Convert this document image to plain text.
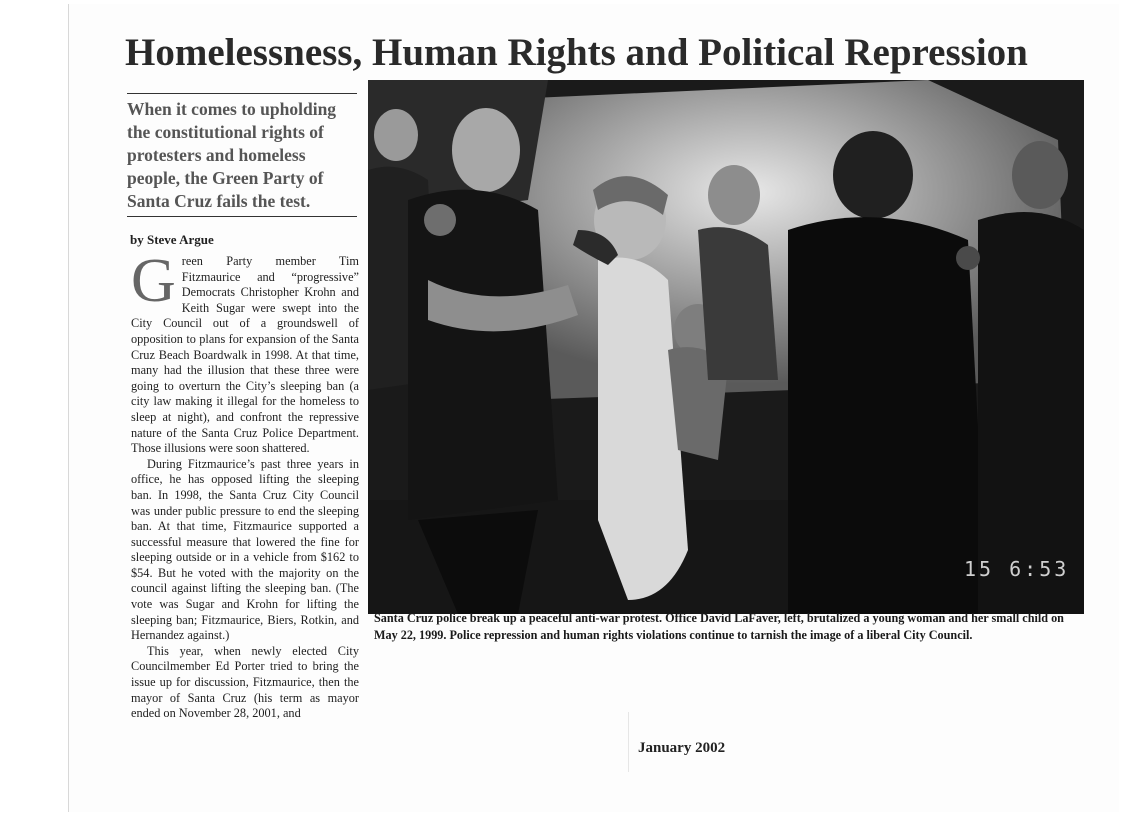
Homelessness, Human Rights and Political Repression
When it comes to upholding the constitutional rights of protesters and homeless people, the Green Party of Santa Cruz fails the test.
by Steve Argue

Green Party member Tim Fitzmaurice and “progressive” Democrats Christopher Krohn and Keith Sugar were swept into the City Council out of a groundswell of opposition to plans for expansion of the Santa Cruz Beach Boardwalk in 1998. At that time, many had the illusion that these three were going to overturn the City’s sleeping ban (a city law making it illegal for the homeless to sleep at night), and confront the repressive nature of the Santa Cruz Police Department. Those illusions were soon shattered.

During Fitzmaurice’s past three years in office, he has opposed lifting the sleeping ban. In 1998, the Santa Cruz City Council was under public pressure to end the sleeping ban. At that time, Fitzmaurice supported a successful measure that lowered the fine for sleeping outside or in a vehicle from $162 to $54. But he voted with the majority on the council against lifting the sleeping ban. (The vote was Sugar and Krohn for lifting the sleeping ban; Fitzmaurice, Biers, Rotkin, and Hernandez against.)

This year, when newly elected City Councilmember Ed Porter tried to bring the issue up for discussion, Fitzmaurice, then the mayor of Santa Cruz (his term as mayor ended on November 28, 2001, and

15 6:53
Santa Cruz police break up a peaceful anti-war protest. Office David LaFaver, left, brutalized a young woman and her small child on May 22, 1999. Police repression and human rights violations continue to tarnish the image of a liberal City Council.
January 2002
